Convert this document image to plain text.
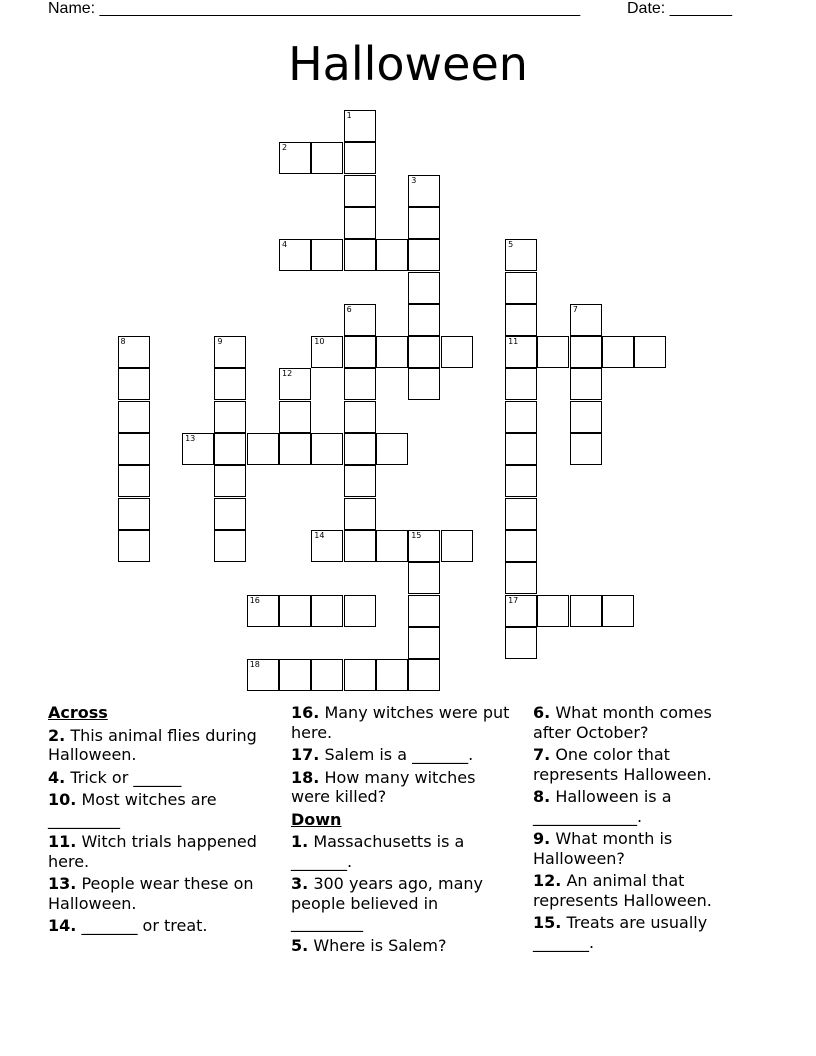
Name: ______________________________________________________	Date: _______
Halloween
1
2
3
4	5
11
17
6	7
8	9	10
12
13
14	15
16
18
Across
2. This animal flies during Halloween.
4. Trick or ______
10. Most witches are _________
11. Witch trials happened here.
13. People wear these on Halloween.
14. _______ or treat.
16. Many witches were put here.
17. Salem is a _______.
18. How many witches were killed?
Down
1. Massachusetts is a _______.
3. 300 years ago, many people believed in _________
5. Where is Salem?
6. What month comes after October?
7. One color that represents Halloween.
8. Halloween is a _____________.
9. What month is Halloween?
12. An animal that represents Halloween.
15. Treats are usually _______.
